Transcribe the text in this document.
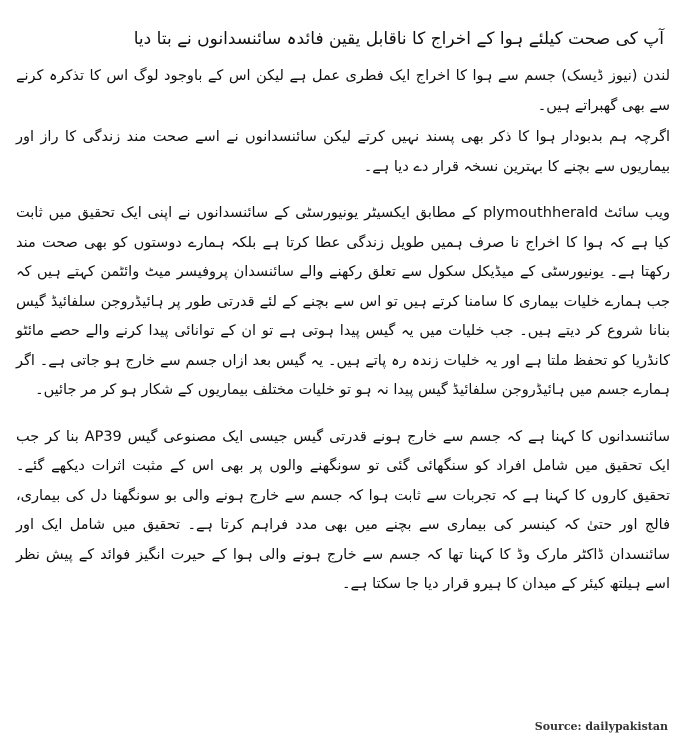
آپ کی صحت کیلئے ہوا کے اخراج کا ناقابل یقین فائدہ سائنسدانوں نے بتا دیا

لندن (نیوز ڈیسک) جسم سے ہوا کا اخراج ایک فطری عمل ہے لیکن اس کے باوجود لوگ اس کا تذکرہ کرنے سے بھی گھبراتے ہیں۔

اگرچہ ہم بدبودار ہوا کا ذکر بھی پسند نہیں کرتے لیکن سائنسدانوں نے اسے صحت مند زندگی کا راز اور بیماریوں سے بچنے کا بہترین نسخہ قرار دے دیا ہے۔

ویب سائٹ plymouthherald کے مطابق ایکسیٹر یونیورسٹی کے سائنسدانوں نے اپنی ایک تحقیق میں ثابت کیا ہے کہ ہوا کا اخراج نا صرف ہمیں طویل زندگی عطا کرتا ہے بلکہ ہمارے دوستوں کو بھی صحت مند رکھتا ہے۔ یونیورسٹی کے میڈیکل سکول سے تعلق رکھنے والے سائنسدان پروفیسر میٹ وائٹمن کہتے ہیں کہ جب ہمارے خلیات بیماری کا سامنا کرتے ہیں تو اس سے بچنے کے لئے قدرتی طور پر ہائیڈروجن سلفائیڈ گیس بنانا شروع کر دیتے ہیں۔ جب خلیات میں یہ گیس پیدا ہوتی ہے تو ان کے توانائی پیدا کرنے والے حصے مائٹو کانڈریا کو تحفظ ملتا ہے اور یہ خلیات زندہ رہ پاتے ہیں۔ یہ گیس بعد ازاں جسم سے خارج ہو جاتی ہے۔ اگر ہمارے جسم میں ہائیڈروجن سلفائیڈ گیس پیدا نہ ہو تو خلیات مختلف بیماریوں کے شکار ہو کر مر جائیں۔

سائنسدانوں کا کہنا ہے کہ جسم سے خارج ہونے قدرتی گیس جیسی ایک مصنوعی گیس AP39 بنا کر جب ایک تحقیق میں شامل افراد کو سنگھائی گئی تو سونگھنے والوں پر بھی اس کے مثبت اثرات دیکھے گئے۔ تحقیق کاروں کا کہنا ہے کہ تجربات سے ثابت ہوا کہ جسم سے خارج ہونے والی بو سونگھنا دل کی بیماری، فالج اور حتیٰ کہ کینسر کی بیماری سے بچنے میں بھی مدد فراہم کرتا ہے۔ تحقیق میں شامل ایک اور سائنسدان ڈاکٹر مارک وڈ کا کہنا تھا کہ جسم سے خارج ہونے والی ہوا کے حیرت انگیز فوائد کے پیش نظر اسے ہیلتھ کیئر کے میدان کا ہیرو قرار دیا جا سکتا ہے۔

Source: dailypakistan
